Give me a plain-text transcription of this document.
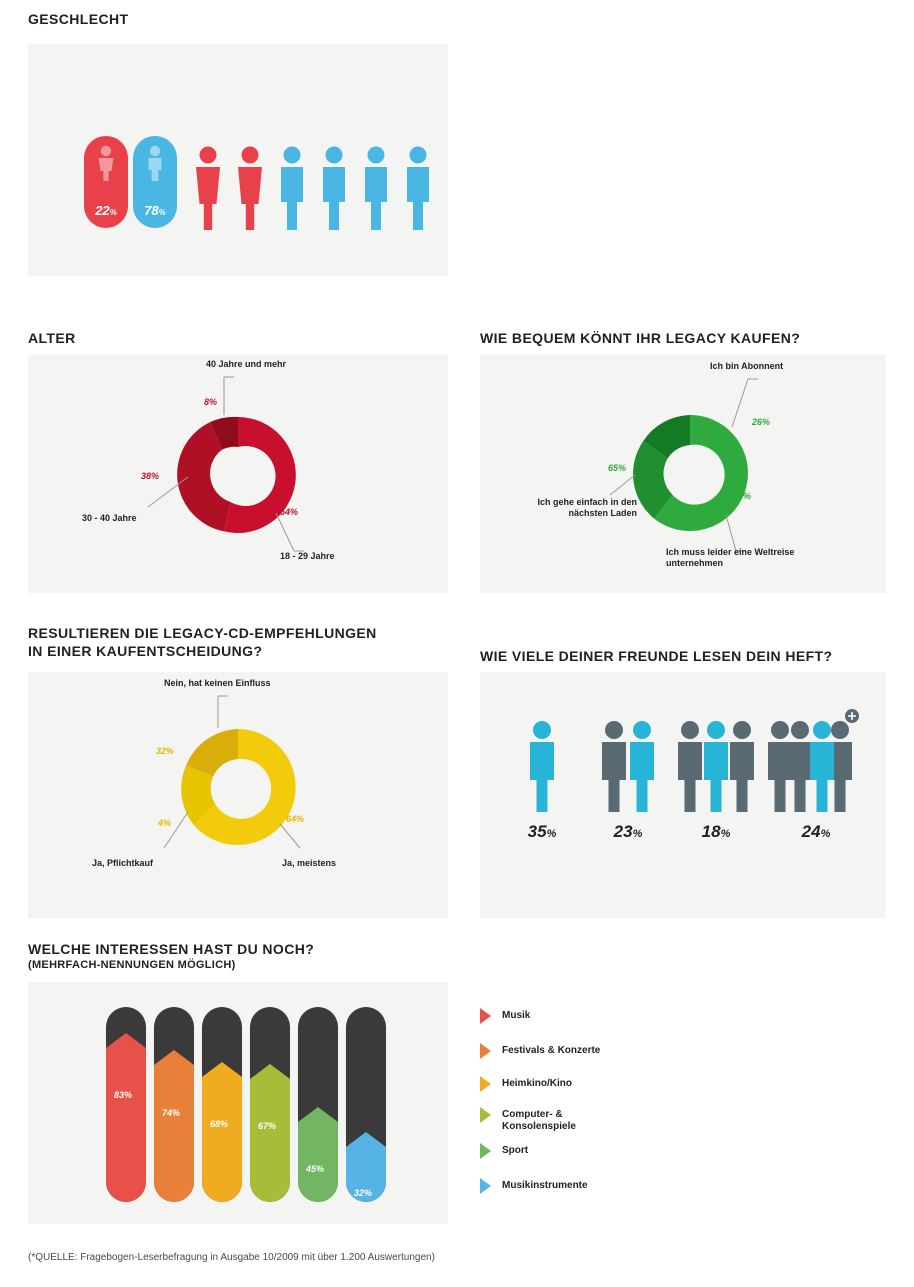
GESCHLECHT
22%	78%
ALTER
40 Jahre und mehr
8%
38%
30 - 40 Jahre
54%
18 - 29 Jahre
WIE BEQUEM KÖNNT IHR LEGACY KAUFEN?
Ich bin Abonnent
26%
65%
Ich gehe einfach in den
nächsten Laden
9%
Ich muss leider eine Weltreise
unternehmen
RESULTIEREN DIE LEGACY-CD-EMPFEHLUNGEN
IN EINER KAUFENTSCHEIDUNG?
Nein, hat keinen Einfluss
32%
4%
Ja, Pflichtkauf
64%
Ja, meistens
WIE VIELE DEINER FREUNDE LESEN DEIN HEFT?
35%	23%	18%	24%
WELCHE INTERESSEN HAST DU NOCH?
(MEHRFACH-NENNUNGEN MÖGLICH)
83%
74%
68%	67%
45%
32%
Musik
Festivals & Konzerte
Heimkino/Kino
Computer- &
Konsolenspiele
Sport
Musikinstrumente
(*QUELLE: Fragebogen-Leserbefragung in Ausgabe 10/2009 mit über 1.200 Auswertungen)
